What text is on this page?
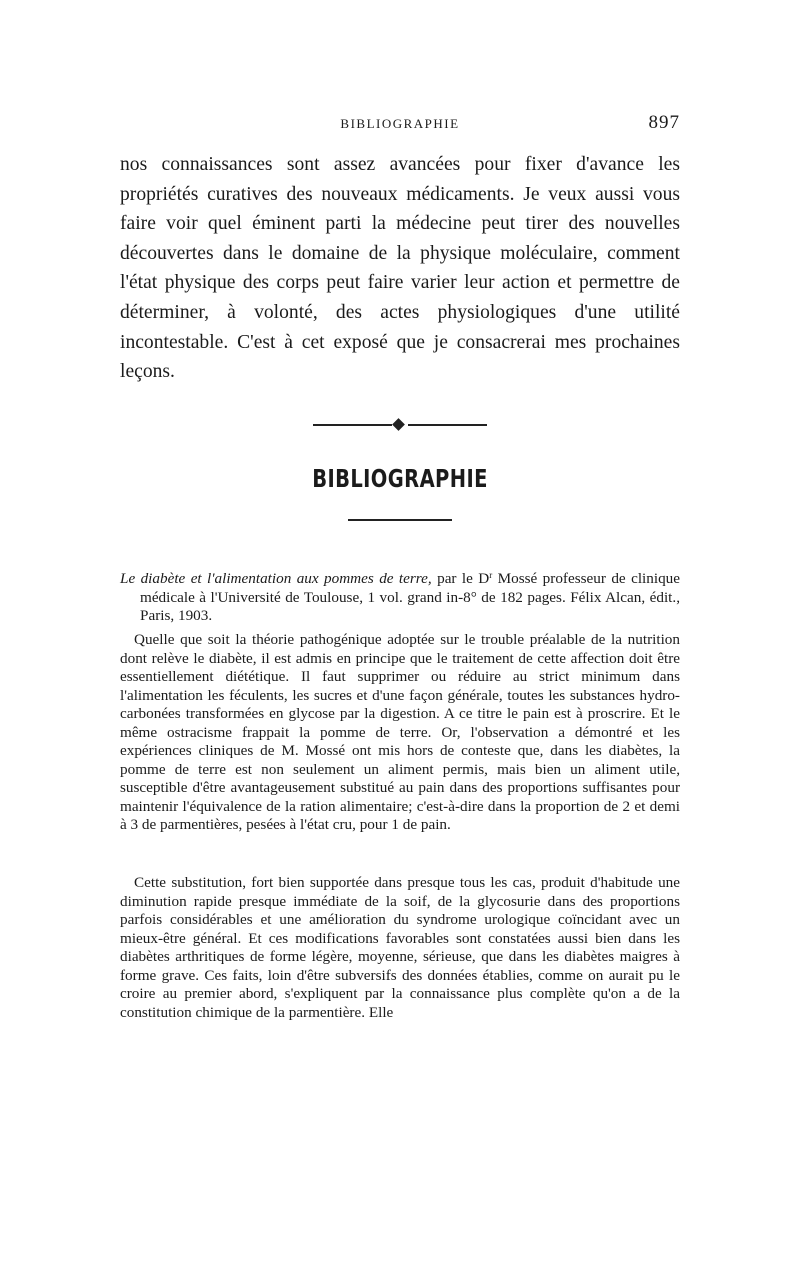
BIBLIOGRAPHIE	897

nos connaissances sont assez avancées pour fixer d'avance les propriétés curatives des nouveaux médicaments. Je veux aussi vous faire voir quel éminent parti la médecine peut tirer des nouvelles découvertes dans le domaine de la physique moléculaire, comment l'état physique des corps peut faire varier leur action et permettre de déterminer, à volonté, des actes physiologiques d'une utilité incontestable. C'est à cet exposé que je consacrerai mes prochaines leçons.

BIBLIOGRAPHIE

Le diabète et l'alimentation aux pommes de terre, par le $D^r$ Mossé professeur de clinique médicale à l'Université de Toulouse, 1 vol. grand in-8° de 182 pages. Félix Alcan, édit., Paris, 1903.

Quelle que soit la théorie pathogénique adoptée sur le trouble préalable de la nutrition dont relève le diabète, il est admis en principe que le traitement de cette affection doit être essentiellement diététique. Il faut supprimer ou réduire au strict minimum dans l'alimentation les féculents, les sucres et d'une façon générale, toutes les substances hydro-carbonées transformées en glycose par la digestion. A ce titre le pain est à proscrire. Et le même ostracisme frappait la pomme de terre. Or, l'observation a démontré et les expériences cliniques de M. Mossé ont mis hors de conteste que, dans les diabètes, la pomme de terre est non seulement un aliment permis, mais bien un aliment utile, susceptible d'être avantageusement substitué au pain dans des proportions suffisantes pour maintenir l'équivalence de la ration alimentaire; c'est-à-dire dans la proportion de 2 et demi à 3 de parmentières, pesées à l'état cru, pour 1 de pain.

Cette substitution, fort bien supportée dans presque tous les cas, produit d'habitude une diminution rapide presque immédiate de la soif, de la glycosurie dans des proportions parfois considérables et une amélioration du syndrome urologique coïncidant avec un mieux-être général. Et ces modifications favorables sont constatées aussi bien dans les diabètes arthritiques de forme légère, moyenne, sérieuse, que dans les diabètes maigres à forme grave. Ces faits, loin d'être subversifs des données établies, comme on aurait pu le croire au premier abord, s'expliquent par la connaissance plus complète qu'on a de la constitution chimique de la parmentière. Elle
